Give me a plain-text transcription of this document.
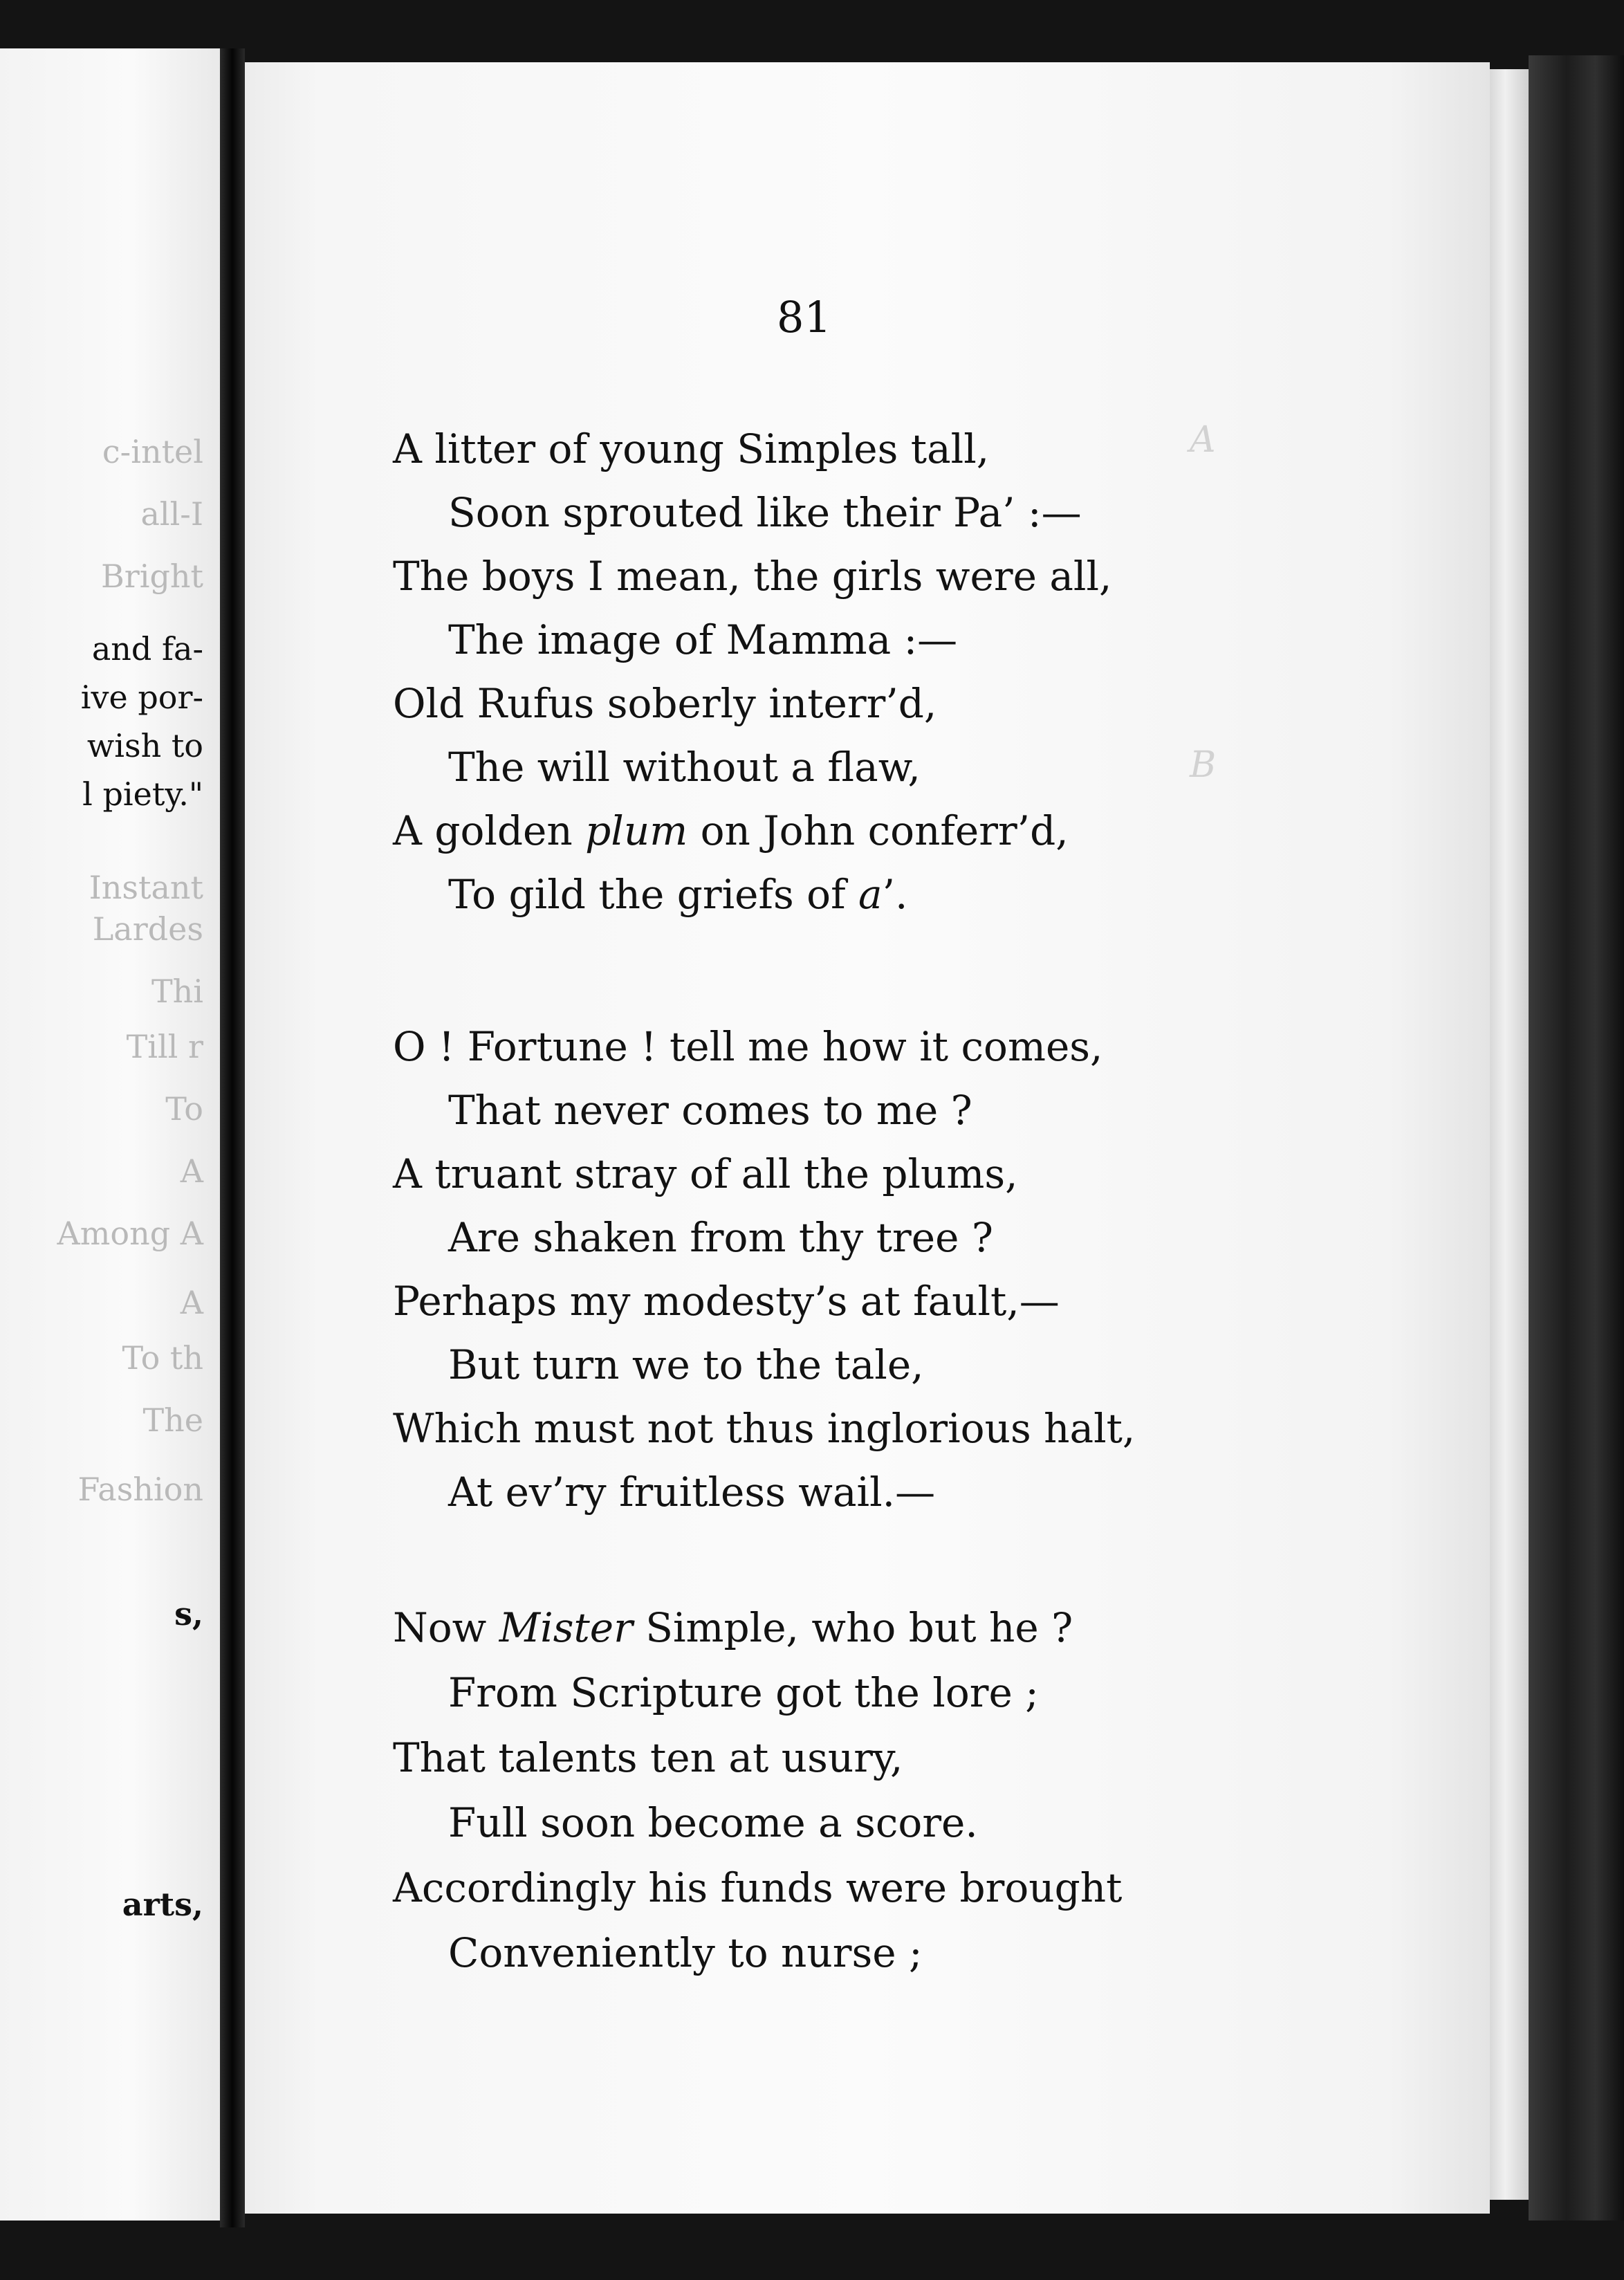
c-intel
all-I
Bright
and fa-
ive por-
wish to
l piety."
Instant
Lardes
Thi
Till r
To
A
Among A
A
To th
The
Fashion
s,
arts,
A
B
81
A litter of young Simples tall,
Soon sprouted like their Pa’ :—
The boys I mean, the girls were all,
The image of Mamma :—
Old Rufus soberly interr’d,
The will without a flaw,
A golden plum on John conferr’d,
To gild the griefs of a’.
O ! Fortune ! tell me how it comes,
That never comes to me ?
A truant stray of all the plums,
Are shaken from thy tree ?
Perhaps my modesty’s at fault,—
But turn we to the tale,
Which must not thus inglorious halt,
At ev’ry fruitless wail.—
Now Mister Simple, who but he ?
From Scripture got the lore ;
That talents ten at usury,
Full soon become a score.
Accordingly his funds were brought
Conveniently to nurse ;
